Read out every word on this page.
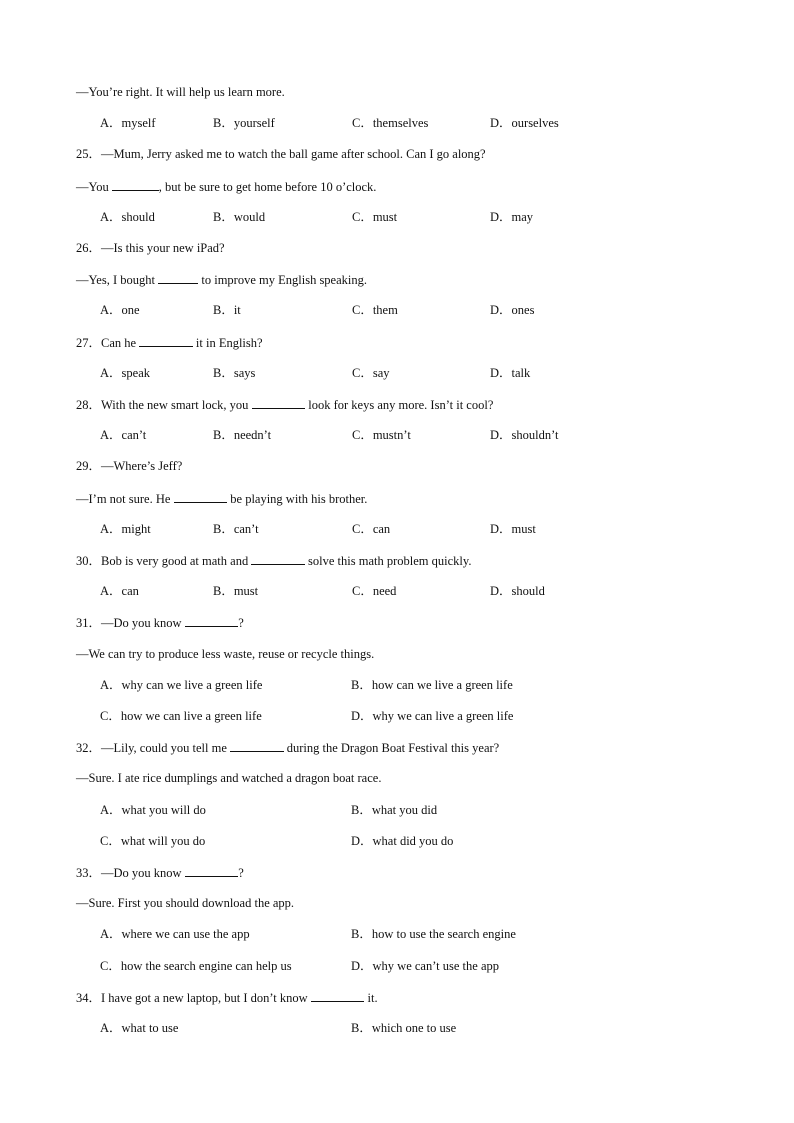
—You’re right. It will help us learn more.
A．myself	B．yourself	C．themselves	D．ourselves
25．—Mum, Jerry asked me to watch the ball game after school. Can I go along?
—You	, but be sure to get home before 10 o’clock.
A．should	B．would	C．must	D．may
26．—Is this your new iPad?
—Yes, I bought	to improve my English speaking.
A．one	B．it	C．them	D．ones
27．Can he	it in English?
A．speak	B．says	C．say	D．talk
28．With the new smart lock, you	look for keys any more. Isn’t it cool?
A．can’t	B．needn’t	C．mustn’t	D．shouldn’t
29．—Where’s Jeff?
—I’m not sure. He	be playing with his brother.
A．might	B．can’t	C．can	D．must
30．Bob is very good at math and	solve this math problem quickly.
A．can	B．must	C．need	D．should
31．—Do you know	?
—We can try to produce less waste, reuse or recycle things.
A．why can we live a green life	B．how can we live a green life
C．how we can live a green life	D．why we can live a green life
32．—Lily, could you tell me	during the Dragon Boat Festival this year?
—Sure. I ate rice dumplings and watched a dragon boat race.
A．what you will do	B．what you did
C．what will you do	D．what did you do
33．—Do you know	?
—Sure. First you should download the app.
A．where we can use the app	B．how to use the search engine
C．how the search engine can help us	D．why we can’t use the app
34．I have got a new laptop, but I don’t know	it.
A．what to use	B．which one to use
